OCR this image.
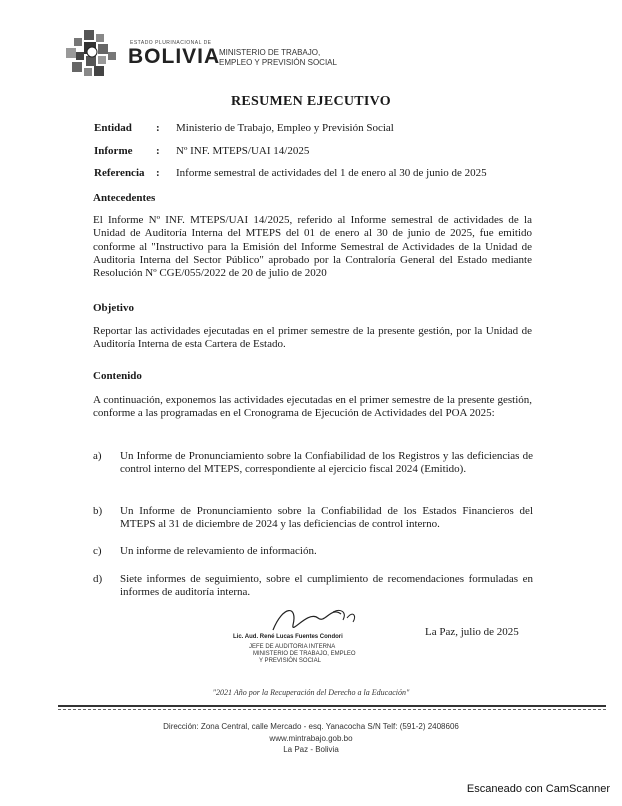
ESTADO PLURINACIONAL DE
BOLIVIA
MINISTERIO DE TRABAJO,
EMPLEO Y PREVISIÓN SOCIAL
RESUMEN EJECUTIVO
Entidad : Ministerio de Trabajo, Empleo y Previsión Social
Informe : Nº INF. MTEPS/UAI 14/2025
Referencia : Informe semestral de actividades del 1 de enero al 30 de junio de 2025
Antecedentes
El Informe Nº INF. MTEPS/UAI 14/2025, referido al Informe semestral de actividades de la Unidad de Auditoría Interna del MTEPS del 01 de enero al 30 de junio de 2025, fue emitido conforme al "Instructivo para la Emisión del Informe Semestral de Actividades de la Unidad de Auditoria Interna del Sector Público" aprobado por la Contraloría General del Estado mediante Resolución Nº CGE/055/2022 de 20 de julio de 2020
Objetivo
Reportar las actividades ejecutadas en el primer semestre de la presente gestión, por la Unidad de Auditoría Interna de esta Cartera de Estado.
Contenido
A continuación, exponemos las actividades ejecutadas en el primer semestre de la presente gestión, conforme a las programadas en el Cronograma de Ejecución de Actividades del POA 2025:
a) Un Informe de Pronunciamiento sobre la Confiabilidad de los Registros y las deficiencias de control interno del MTEPS, correspondiente al ejercicio fiscal 2024 (Emitido).
b) Un Informe de Pronunciamiento sobre la Confiabilidad de los Estados Financieros del MTEPS al 31 de diciembre de 2024 y las deficiencias de control interno.
c) Un informe de relevamiento de información.
d) Siete informes de seguimiento, sobre el cumplimiento de recomendaciones formuladas en informes de auditoría interna.
Lic. Aud. René Lucas Fuentes Condori
JEFE DE AUDITORIA INTERNA
MINISTERIO DE TRABAJO, EMPLEO
Y PREVISIÓN SOCIAL
La Paz, julio de 2025
"2021 Año por la Recuperación del Derecho a la Educación"
Dirección: Zona Central, calle Mercado - esq. Yanacocha S/N Telf: (591-2) 2408606
www.mintrabajo.gob.bo
La Paz - Bolivia
Escaneado con CamScanner
